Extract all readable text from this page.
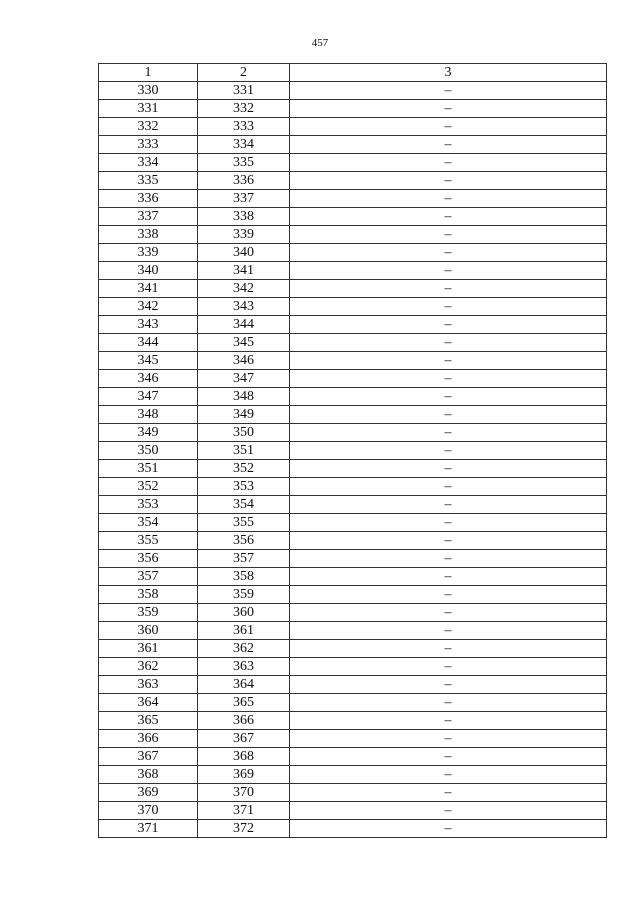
457
1	2	3
330	331	–
331	332	–
332	333	–
333	334	–
334	335	–
335	336	–
336	337	–
337	338	–
338	339	–
339	340	–
340	341	–
341	342	–
342	343	–
343	344	–
344	345	–
345	346	–
346	347	–
347	348	–
348	349	–
349	350	–
350	351	–
351	352	–
352	353	–
353	354	–
354	355	–
355	356	–
356	357	–
357	358	–
358	359	–
359	360	–
360	361	–
361	362	–
362	363	–
363	364	–
364	365	–
365	366	–
366	367	–
367	368	–
368	369	–
369	370	–
370	371	–
371	372	–
